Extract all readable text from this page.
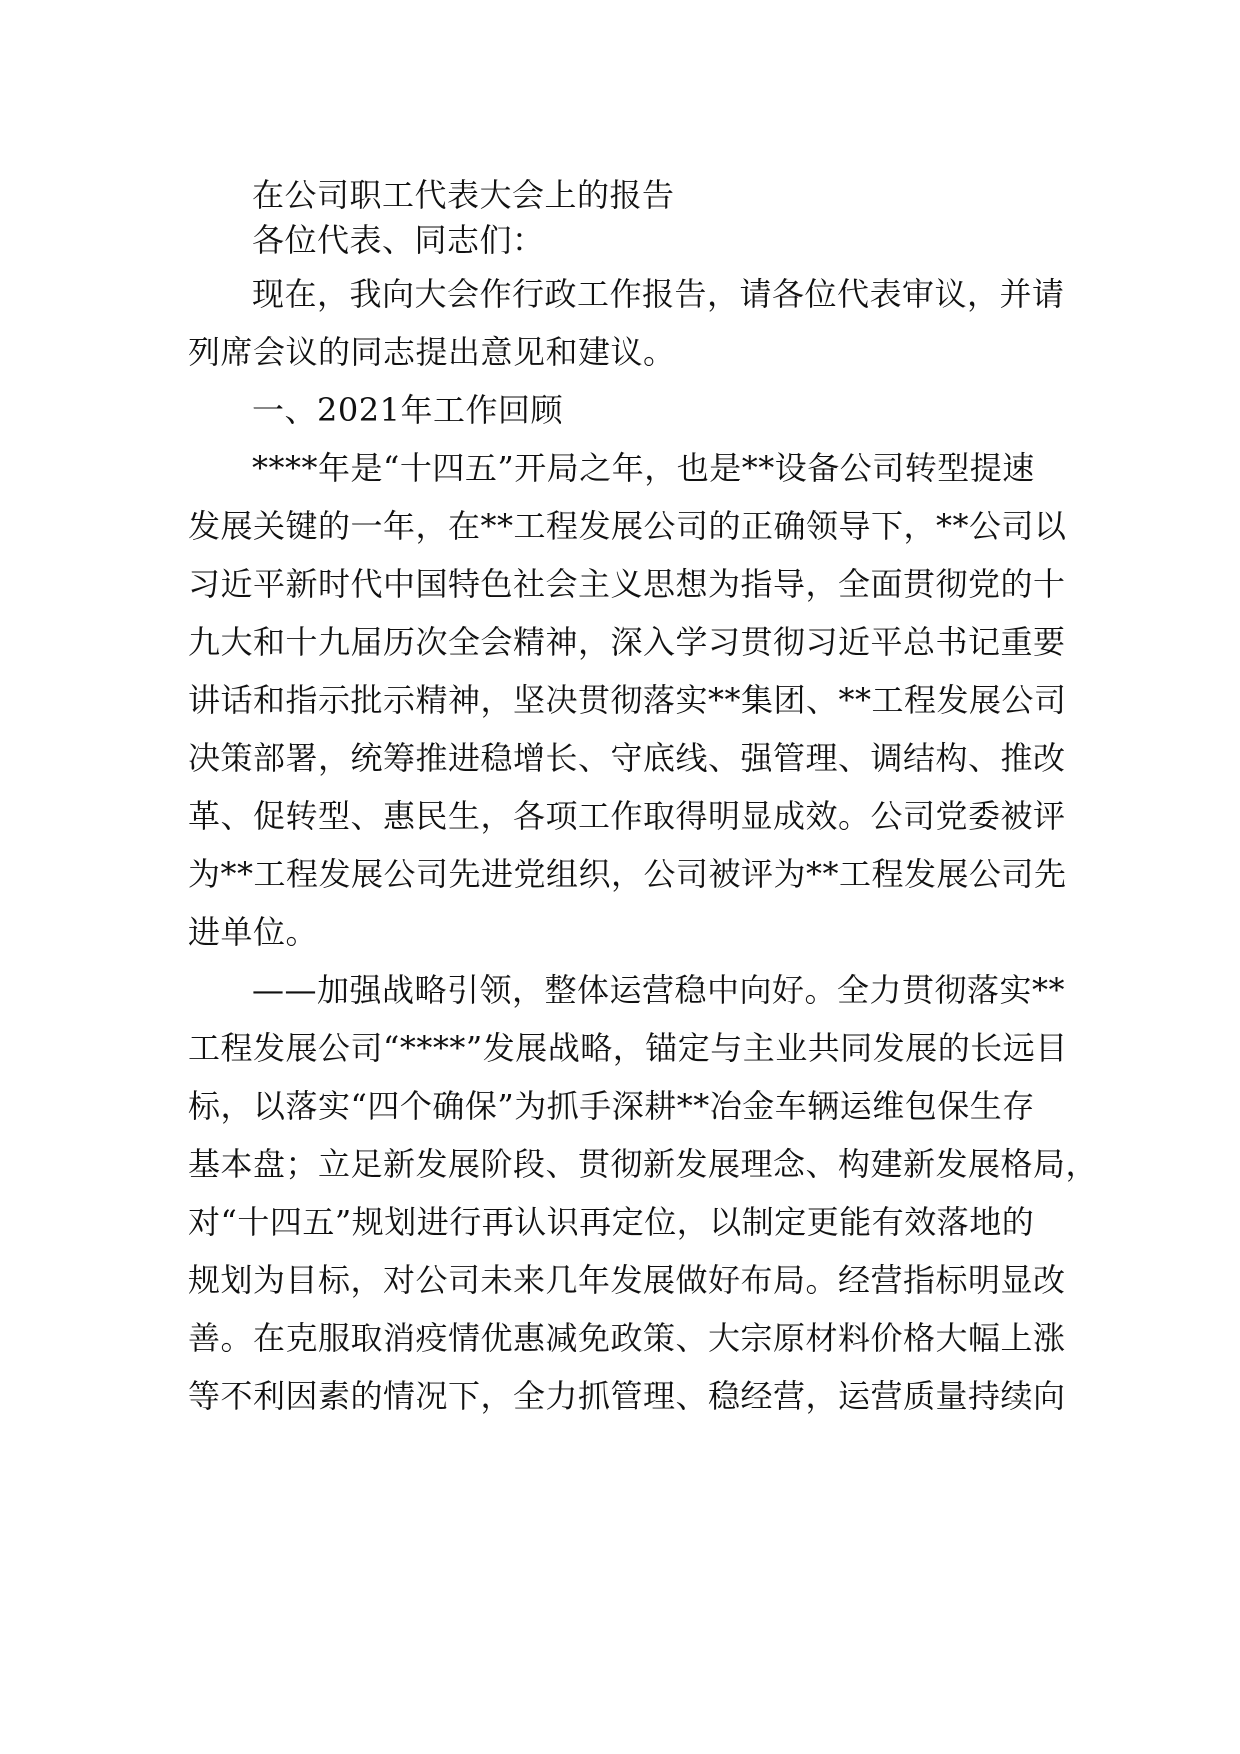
在公司职工代表大会上的报告
各位代表、同志们：
现在，我向大会作行政工作报告，请各位代表审议，并请
列席会议的同志提出意见和建议。
一、2021年工作回顾
****年是“十四五”开局之年，也是**设备公司转型提速
发展关键的一年，在**工程发展公司的正确领导下，**公司以
习近平新时代中国特色社会主义思想为指导，全面贯彻党的十
九大和十九届历次全会精神，深入学习贯彻习近平总书记重要
讲话和指示批示精神，坚决贯彻落实**集团、**工程发展公司
决策部署，统筹推进稳增长、守底线、强管理、调结构、推改
革、促转型、惠民生，各项工作取得明显成效。公司党委被评
为**工程发展公司先进党组织，公司被评为**工程发展公司先
进单位。
——加强战略引领，整体运营稳中向好。全力贯彻落实**
工程发展公司“****”发展战略，锚定与主业共同发展的长远目
标，以落实“四个确保”为抓手深耕**冶金车辆运维包保生存
基本盘；立足新发展阶段、贯彻新发展理念、构建新发展格局，
对“十四五”规划进行再认识再定位，以制定更能有效落地的
规划为目标，对公司未来几年发展做好布局。经营指标明显改
善。在克服取消疫情优惠减免政策、大宗原材料价格大幅上涨
等不利因素的情况下，全力抓管理、稳经营，运营质量持续向
